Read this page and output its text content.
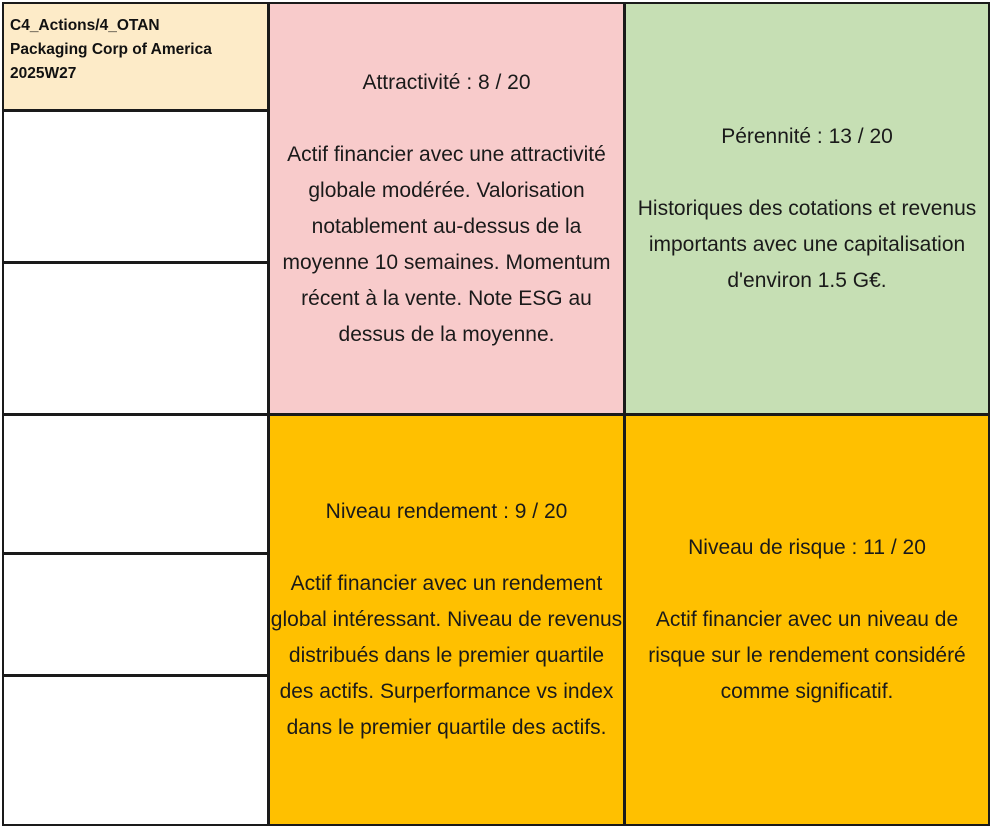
C4_Actions/4_OTAN
Packaging Corp of America
2025W27	Attractivité : 8 / 20
Actif financier avec une attractivité globale modérée. Valorisation notablement au-dessus de la moyenne 10 semaines. Momentum récent à la vente. Note ESG au dessus de la moyenne.
Pérennité : 13 / 20
Historiques des cotations et revenus importants avec une capitalisation d'environ 1.5 G€.
Niveau rendement : 9 / 20
Actif financier avec un rendement global intéressant. Niveau de revenus distribués dans le premier quartile des actifs. Surperformance vs index dans le premier quartile des actifs.
Niveau de risque : 11 / 20
Actif financier avec un niveau de risque sur le rendement considéré comme significatif.
